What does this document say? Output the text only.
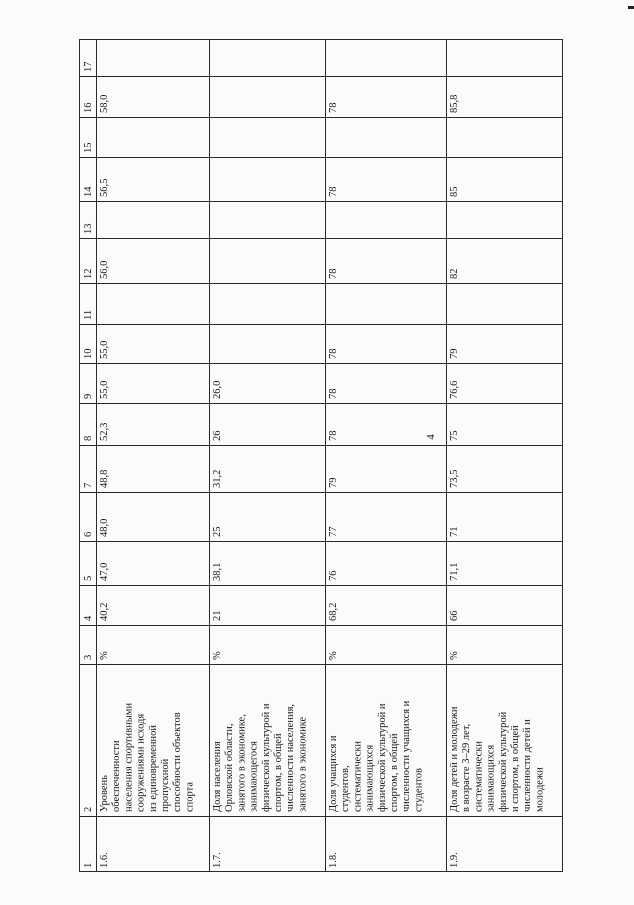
4
1
2
3
4
5
6
7
8
9
10
11
12
13
14
15
16
17
1.6.
Уровень
обеспеченности
населения спортивными
сооружениями исходя
из единовременной
пропускной
способности объектов
спорта
%
40,2
47,0
48,0
48,8
52,3
55,0
55,0
56,0
56,5
58,0
1.7.
Доля населения
Орловской области,
занятого в экономике,
занимающегося
физической культурой и
спортом, в общей
численности населения,
занятого в экономике
%
21
38,1
25
31,2
26
26,0
1.8.
Доля учащихся и
студентов,
систематически
занимающихся
физической культурой и
спортом, в общей
численности учащихся и
студентов
%
68,2
76
77
79
78
78
78
78
78
78
1.9.
Доля детей и молодежи
в возрасте 3–29 лет,
систематически
занимающихся
физической культурой
и спортом, в общей
численности детей и
молодежи
%
66
71,1
71
73,5
75
76,6
79
82
85
85,8
